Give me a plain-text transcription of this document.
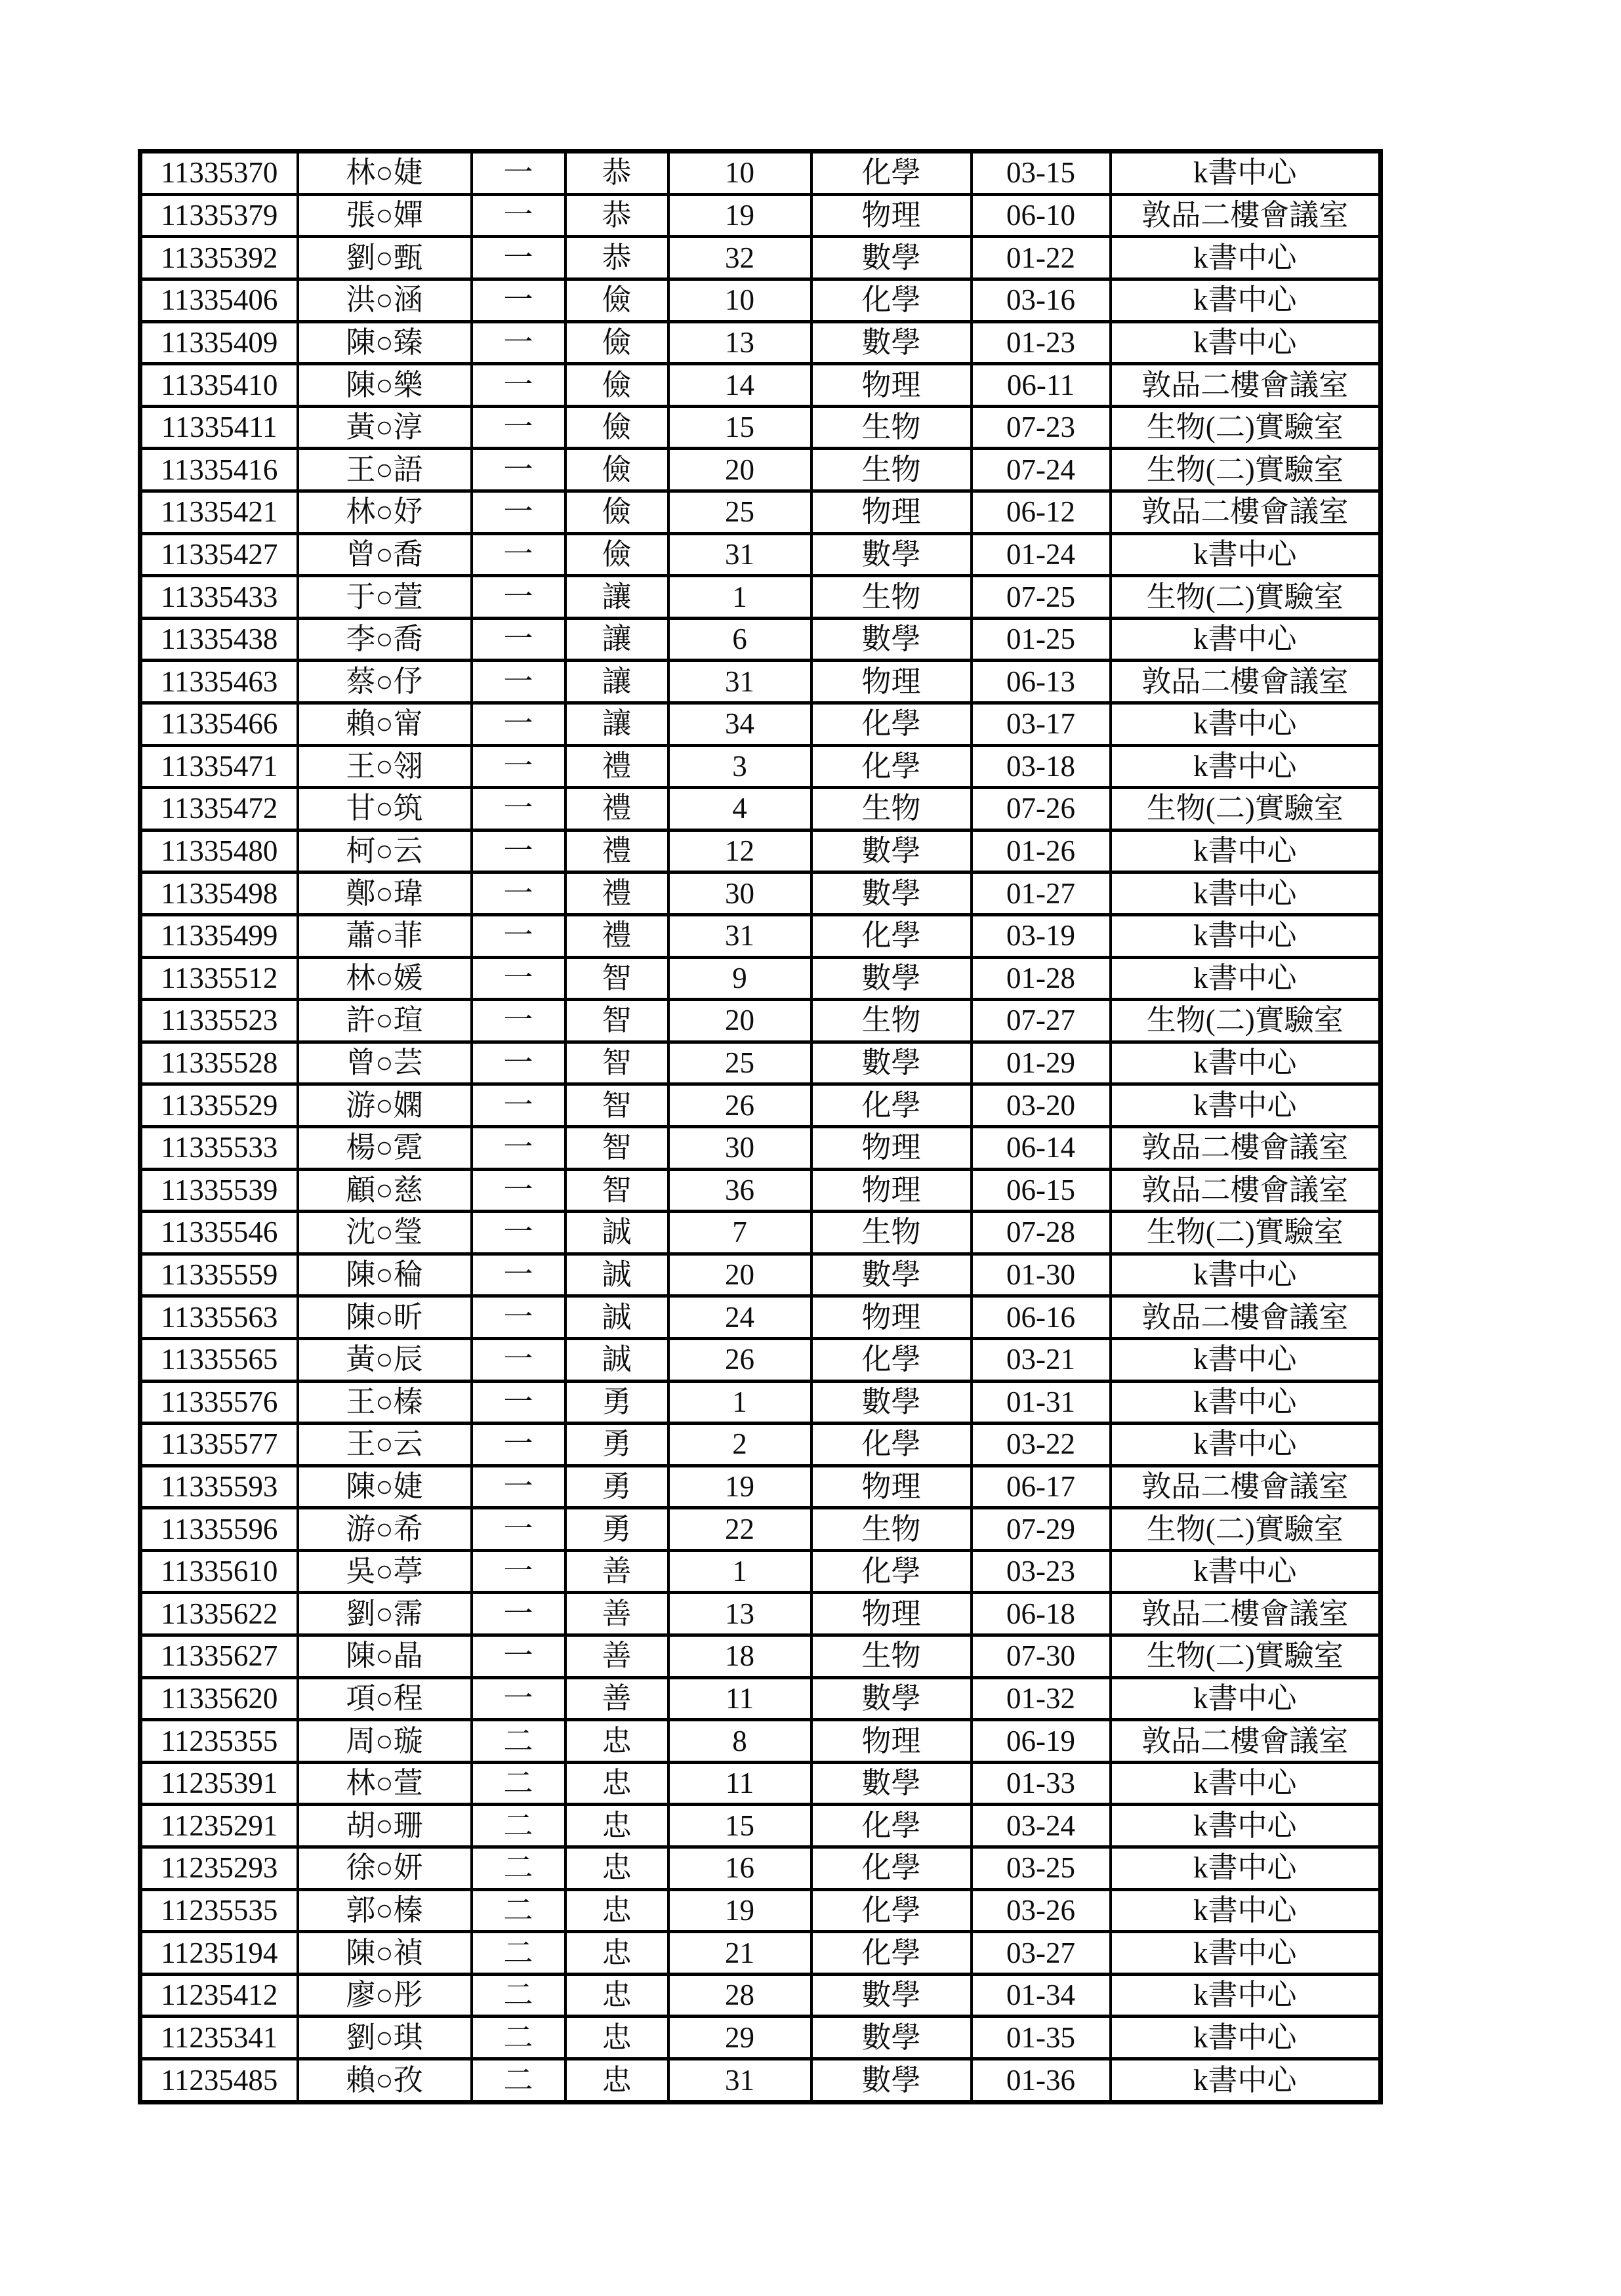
11335370	林○婕	一	恭	10	化學	03-15	k書中心
11335379	張○嬋	一	恭	19	物理	06-10	敦品二樓會議室
11335392	劉○甄	一	恭	32	數學	01-22	k書中心
11335406	洪○涵	一	儉	10	化學	03-16	k書中心
11335409	陳○臻	一	儉	13	數學	01-23	k書中心
11335410	陳○樂	一	儉	14	物理	06-11	敦品二樓會議室
11335411	黃○淳	一	儉	15	生物	07-23	生物(二)實驗室
11335416	王○語	一	儉	20	生物	07-24	生物(二)實驗室
11335421	林○妤	一	儉	25	物理	06-12	敦品二樓會議室
11335427	曾○喬	一	儉	31	數學	01-24	k書中心
11335433	于○萱	一	讓	1	生物	07-25	生物(二)實驗室
11335438	李○喬	一	讓	6	數學	01-25	k書中心
11335463	蔡○伃	一	讓	31	物理	06-13	敦品二樓會議室
11335466	賴○甯	一	讓	34	化學	03-17	k書中心
11335471	王○翎	一	禮	3	化學	03-18	k書中心
11335472	甘○筑	一	禮	4	生物	07-26	生物(二)實驗室
11335480	柯○云	一	禮	12	數學	01-26	k書中心
11335498	鄭○瑋	一	禮	30	數學	01-27	k書中心
11335499	蕭○菲	一	禮	31	化學	03-19	k書中心
11335512	林○媛	一	智	9	數學	01-28	k書中心
11335523	許○瑄	一	智	20	生物	07-27	生物(二)實驗室
11335528	曾○芸	一	智	25	數學	01-29	k書中心
11335529	游○嫻	一	智	26	化學	03-20	k書中心
11335533	楊○霓	一	智	30	物理	06-14	敦品二樓會議室
11335539	顧○慈	一	智	36	物理	06-15	敦品二樓會議室
11335546	沈○瑩	一	誠	7	生物	07-28	生物(二)實驗室
11335559	陳○稐	一	誠	20	數學	01-30	k書中心
11335563	陳○昕	一	誠	24	物理	06-16	敦品二樓會議室
11335565	黃○辰	一	誠	26	化學	03-21	k書中心
11335576	王○榛	一	勇	1	數學	01-31	k書中心
11335577	王○云	一	勇	2	化學	03-22	k書中心
11335593	陳○婕	一	勇	19	物理	06-17	敦品二樓會議室
11335596	游○希	一	勇	22	生物	07-29	生物(二)實驗室
11335610	吳○葶	一	善	1	化學	03-23	k書中心
11335622	劉○霈	一	善	13	物理	06-18	敦品二樓會議室
11335627	陳○晶	一	善	18	生物	07-30	生物(二)實驗室
11335620	項○程	一	善	11	數學	01-32	k書中心
11235355	周○璇	二	忠	8	物理	06-19	敦品二樓會議室
11235391	林○萱	二	忠	11	數學	01-33	k書中心
11235291	胡○珊	二	忠	15	化學	03-24	k書中心
11235293	徐○妍	二	忠	16	化學	03-25	k書中心
11235535	郭○榛	二	忠	19	化學	03-26	k書中心
11235194	陳○禎	二	忠	21	化學	03-27	k書中心
11235412	廖○彤	二	忠	28	數學	01-34	k書中心
11235341	劉○琪	二	忠	29	數學	01-35	k書中心
11235485	賴○孜	二	忠	31	數學	01-36	k書中心
